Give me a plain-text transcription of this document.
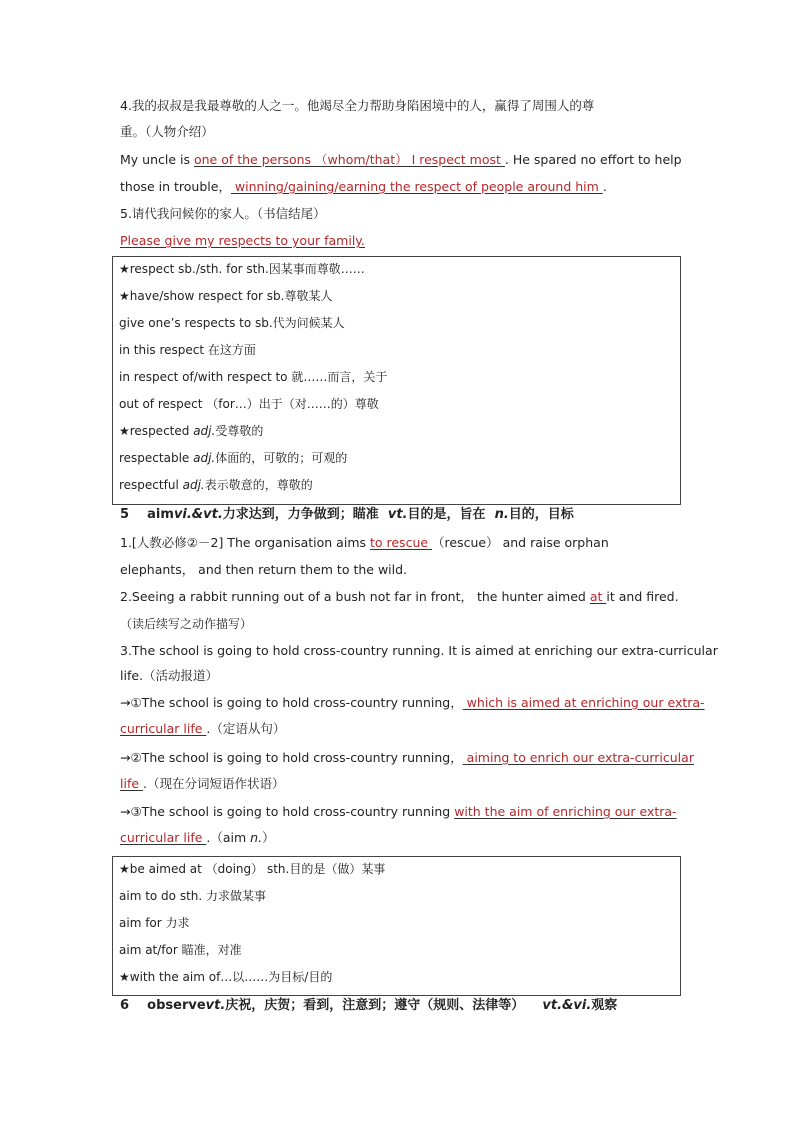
4.我的叔叔是我最尊敬的人之一。他竭尽全力帮助身陷困境中的人，赢得了周围人的尊
重。（人物介绍）
My uncle is one of the persons （whom/that） I respect most . He spared no effort to help
those in trouble， winning/gaining/earning the respect of people around him .
5.请代我问候你的家人。（书信结尾）
Please give my respects to your family.
★respect sb./sth. for sth.因某事而尊敬……
★have/show respect for sb.尊敬某人
give one’s respects to sb.代为问候某人
in this respect 在这方面
in respect of/with respect to 就……而言，关于
out of respect （for…）出于（对……的）尊敬
★respected adj.受尊敬的
respectable adj.体面的，可敬的；可观的
respectful adj.表示敬意的，尊敬的
5 aimvi.&vt.力求达到，力争做到；瞄准 vt.目的是，旨在 n.目的，目标
1.[人教必修②－2] The organisation aims to rescue （rescue） and raise orphan
elephants， and then return them to the wild.
2.Seeing a rabbit running out of a bush not far in front， the hunter aimed at it and fired.
（读后续写之动作描写）
3.The school is going to hold cross-country running. It is aimed at enriching our extra-curricular
life.（活动报道）
→①The school is going to hold cross-country running， which is aimed at enriching our extra-
curricular life .（定语从句）
→②The school is going to hold cross-country running， aiming to enrich our extra-curricular
life .（现在分词短语作状语）
→③The school is going to hold cross-country running with the aim of enriching our extra-
curricular life .（aim n.）
★be aimed at （doing） sth.目的是（做）某事
aim to do sth. 力求做某事
aim for 力求
aim at/for 瞄准，对准
★with the aim of…以……为目标/目的
6 observevt.庆祝，庆贺；看到，注意到；遵守（规则、法律等） vt.&vi.观察
